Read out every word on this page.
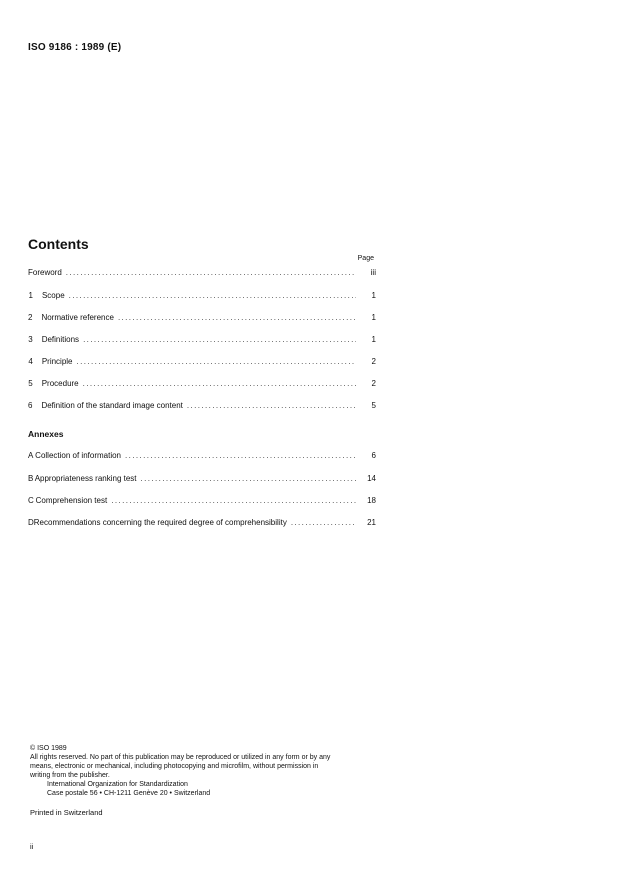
ISO 9186 : 1989 (E)
Contents
Page
Foreword .....	iii
1 Scope .....	1
2 Normative reference .....	1
3 Definitions .....	1
4 Principle .....	2
5 Procedure .....	2
6 Definition of the standard image content .....	5
Annexes
A Collection of information .....	6
B Appropriateness ranking test .....	14
C Comprehension test .....	18
D Recommendations concerning the required degree of comprehensibility .....	21
© ISO 1989
All rights reserved. No part of this publication may be reproduced or utilized in any form or by any
means, electronic or mechanical, including photocopying and microfilm, without permission in
writing from the publisher.
International Organization for Standardization
Case postale 56 • CH-1211 Genève 20 • Switzerland
Printed in Switzerland
ii
